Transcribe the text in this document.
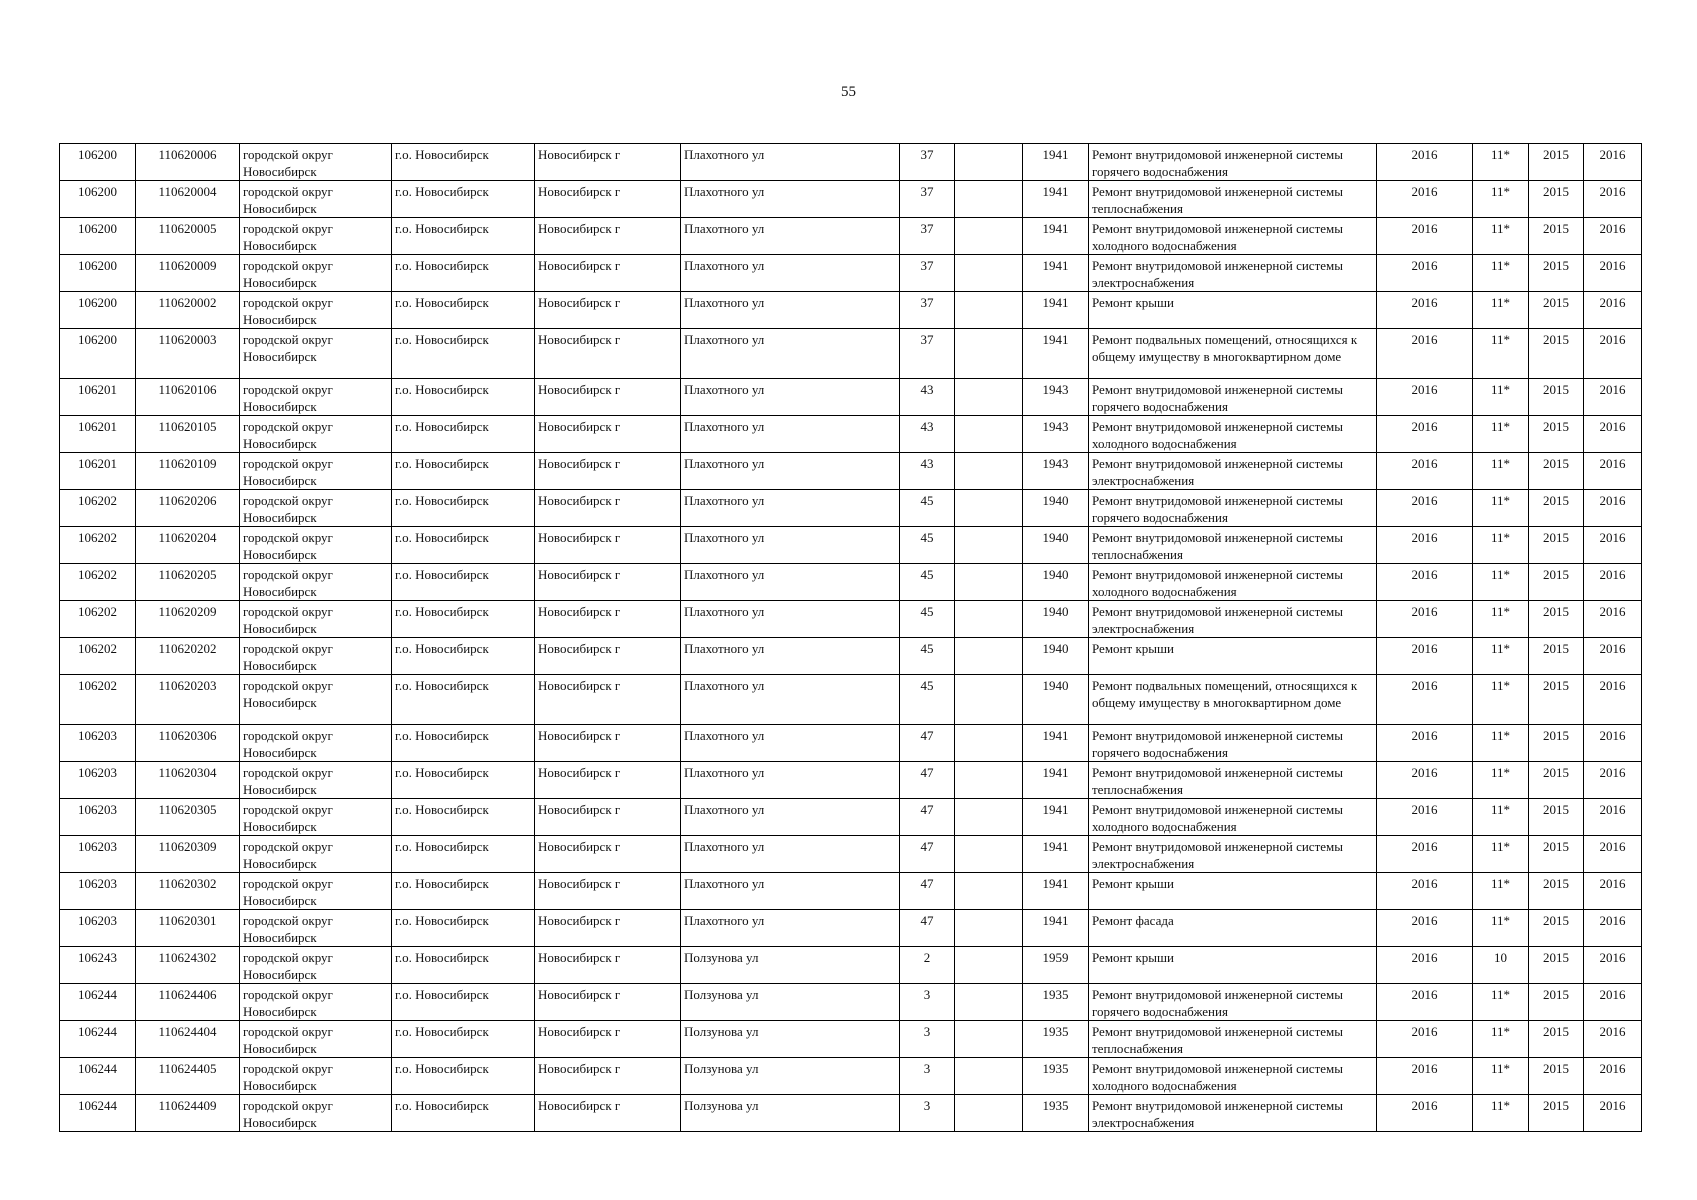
55
106200	110620006	городской округ Новосибирск	г.о. Новосибирск	Новосибирск г	Плахотного ул	37		1941	Ремонт внутридомовой инженерной системы горячего водоснабжения	2016	11*	2015	2016
106200	110620004	городской округ Новосибирск	г.о. Новосибирск	Новосибирск г	Плахотного ул	37		1941	Ремонт внутридомовой инженерной системы теплоснабжения	2016	11*	2015	2016
106200	110620005	городской округ Новосибирск	г.о. Новосибирск	Новосибирск г	Плахотного ул	37		1941	Ремонт внутридомовой инженерной системы холодного водоснабжения	2016	11*	2015	2016
106200	110620009	городской округ Новосибирск	г.о. Новосибирск	Новосибирск г	Плахотного ул	37		1941	Ремонт внутридомовой инженерной системы электроснабжения	2016	11*	2015	2016
106200	110620002	городской округ Новосибирск	г.о. Новосибирск	Новосибирск г	Плахотного ул	37		1941	Ремонт крыши	2016	11*	2015	2016
106200	110620003	городской округ Новосибирск	г.о. Новосибирск	Новосибирск г	Плахотного ул	37		1941	Ремонт подвальных помещений, относящихся к общему имуществу в многоквартирном доме	2016	11*	2015	2016
106201	110620106	городской округ Новосибирск	г.о. Новосибирск	Новосибирск г	Плахотного ул	43		1943	Ремонт внутридомовой инженерной системы горячего водоснабжения	2016	11*	2015	2016
106201	110620105	городской округ Новосибирск	г.о. Новосибирск	Новосибирск г	Плахотного ул	43		1943	Ремонт внутридомовой инженерной системы холодного водоснабжения	2016	11*	2015	2016
106201	110620109	городской округ Новосибирск	г.о. Новосибирск	Новосибирск г	Плахотного ул	43		1943	Ремонт внутридомовой инженерной системы электроснабжения	2016	11*	2015	2016
106202	110620206	городской округ Новосибирск	г.о. Новосибирск	Новосибирск г	Плахотного ул	45		1940	Ремонт внутридомовой инженерной системы горячего водоснабжения	2016	11*	2015	2016
106202	110620204	городской округ Новосибирск	г.о. Новосибирск	Новосибирск г	Плахотного ул	45		1940	Ремонт внутридомовой инженерной системы теплоснабжения	2016	11*	2015	2016
106202	110620205	городской округ Новосибирск	г.о. Новосибирск	Новосибирск г	Плахотного ул	45		1940	Ремонт внутридомовой инженерной системы холодного водоснабжения	2016	11*	2015	2016
106202	110620209	городской округ Новосибирск	г.о. Новосибирск	Новосибирск г	Плахотного ул	45		1940	Ремонт внутридомовой инженерной системы электроснабжения	2016	11*	2015	2016
106202	110620202	городской округ Новосибирск	г.о. Новосибирск	Новосибирск г	Плахотного ул	45		1940	Ремонт крыши	2016	11*	2015	2016
106202	110620203	городской округ Новосибирск	г.о. Новосибирск	Новосибирск г	Плахотного ул	45		1940	Ремонт подвальных помещений, относящихся к общему имуществу в многоквартирном доме	2016	11*	2015	2016
106203	110620306	городской округ Новосибирск	г.о. Новосибирск	Новосибирск г	Плахотного ул	47		1941	Ремонт внутридомовой инженерной системы горячего водоснабжения	2016	11*	2015	2016
106203	110620304	городской округ Новосибирск	г.о. Новосибирск	Новосибирск г	Плахотного ул	47		1941	Ремонт внутридомовой инженерной системы теплоснабжения	2016	11*	2015	2016
106203	110620305	городской округ Новосибирск	г.о. Новосибирск	Новосибирск г	Плахотного ул	47		1941	Ремонт внутридомовой инженерной системы холодного водоснабжения	2016	11*	2015	2016
106203	110620309	городской округ Новосибирск	г.о. Новосибирск	Новосибирск г	Плахотного ул	47		1941	Ремонт внутридомовой инженерной системы электроснабжения	2016	11*	2015	2016
106203	110620302	городской округ Новосибирск	г.о. Новосибирск	Новосибирск г	Плахотного ул	47		1941	Ремонт крыши	2016	11*	2015	2016
106203	110620301	городской округ Новосибирск	г.о. Новосибирск	Новосибирск г	Плахотного ул	47		1941	Ремонт фасада	2016	11*	2015	2016
106243	110624302	городской округ Новосибирск	г.о. Новосибирск	Новосибирск г	Ползунова ул	2		1959	Ремонт крыши	2016	10	2015	2016
106244	110624406	городской округ Новосибирск	г.о. Новосибирск	Новосибирск г	Ползунова ул	3		1935	Ремонт внутридомовой инженерной системы горячего водоснабжения	2016	11*	2015	2016
106244	110624404	городской округ Новосибирск	г.о. Новосибирск	Новосибирск г	Ползунова ул	3		1935	Ремонт внутридомовой инженерной системы теплоснабжения	2016	11*	2015	2016
106244	110624405	городской округ Новосибирск	г.о. Новосибирск	Новосибирск г	Ползунова ул	3		1935	Ремонт внутридомовой инженерной системы холодного водоснабжения	2016	11*	2015	2016
106244	110624409	городской округ Новосибирск	г.о. Новосибирск	Новосибирск г	Ползунова ул	3		1935	Ремонт внутридомовой инженерной системы электроснабжения	2016	11*	2015	2016
